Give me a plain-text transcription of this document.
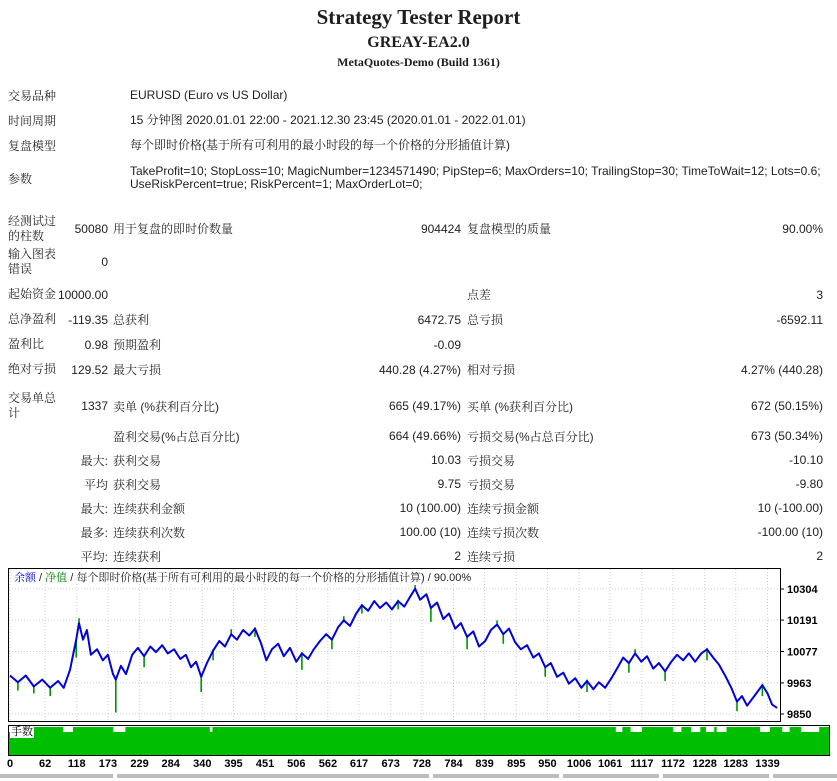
Strategy Tester Report
GREAY-EA2.0
MetaQuotes-Demo (Build 1361)
交易品种	EURUSD (Euro vs US Dollar)
时间周期	15 分钟图 2020.01.01 22:00 - 2021.12.30 23:45 (2020.01.01 - 2022.01.01)
复盘模型	每个即时价格(基于所有可利用的最小时段的每一个价格的分形插值计算)
参数
TakeProfit=10; StopLoss=10; MagicNumber=1234571490; PipStep=6; MaxOrders=10; TrailingStop=30; TimeToWait=12; Lots=0.6; UseRiskPercent=true; RiskPercent=1; MaxOrderLot=0;
经测试过的柱数	50080 用于复盘的即时价数量	904424 复盘模型的质量	90.00%
输入图表错误	0
起始资金 10000.00	点差	3
总净盈利 -119.35 总获利	6472.75 总亏损	-6592.11
盈利比	0.98 预期盈利	-0.09
绝对亏损 129.52 最大亏损	440.28 (4.27%) 相对亏损	4.27% (440.28)
交易单总计	1337 卖单 (%获利百分比)	665 (49.17%) 买单 (%获利百分比)	672 (50.15%)
盈利交易(%占总百分比)	664 (49.66%) 亏损交易(%占总百分比)	673 (50.34%)
最大: 获利交易	10.03 亏损交易	-10.10
平均 获利交易	9.75 亏损交易	-9.80
最大: 连续获利金额	10 (100.00) 连续亏损金额	10 (-100.00)
最多: 连续获利次数	100.00 (10) 连续亏损次数	-100.00 (10)
平均: 连续获利	2 连续亏损	2
10304
10191
10077
9963
9850
余额 / 净值 / 每个即时价格(基于所有可利用的最小时段的每一个价格的分形插值计算) / 90.00%
手数
0 62 118 173 229 284 340 395 451 506 562 617 673 728 784 839 895 950 1006 1061 1117 1172 1228 1283 1339
